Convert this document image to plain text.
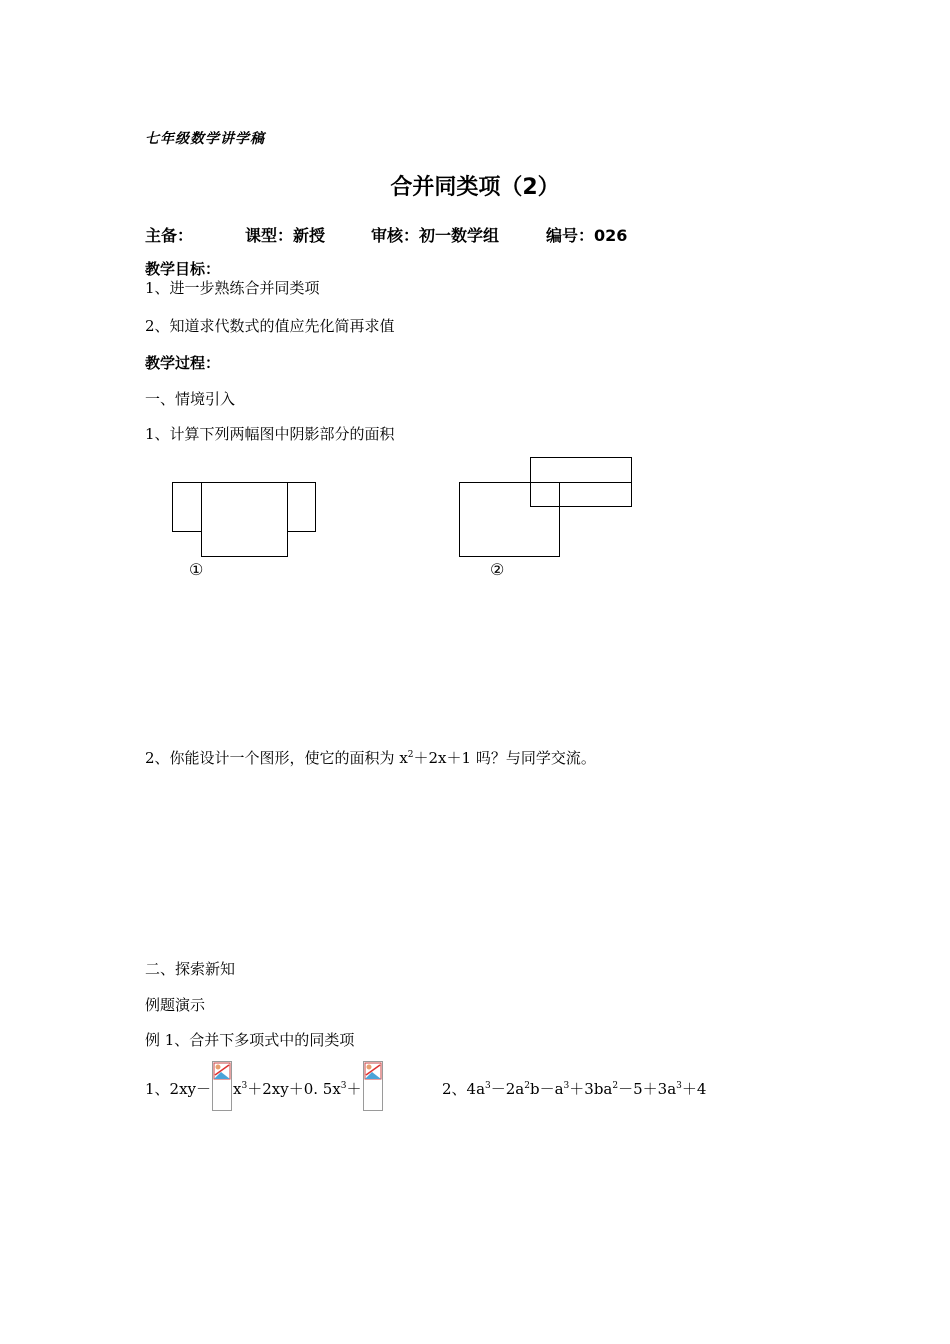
七年级数学讲学稿
合并同类项（2）
主备：	课型：新授	审核：初一数学组	编号：026
教学目标：
1、进一步熟练合并同类项
2、知道求代数式的值应先化简再求值
教学过程：
一、情境引入
1、计算下列两幅图中阴影部分的面积
①	②
2、你能设计一个图形，使它的面积为 $x^2+2x+1$ 吗？与同学交流。
二、探索新知
例题演示
例 1、合并下多项式中的同类项
1、$2xy- x^3+2xy+0$. $5x^3+$	2、$4a^3-2a^2b-a^3+3ba^2-5+3a^3+4$
